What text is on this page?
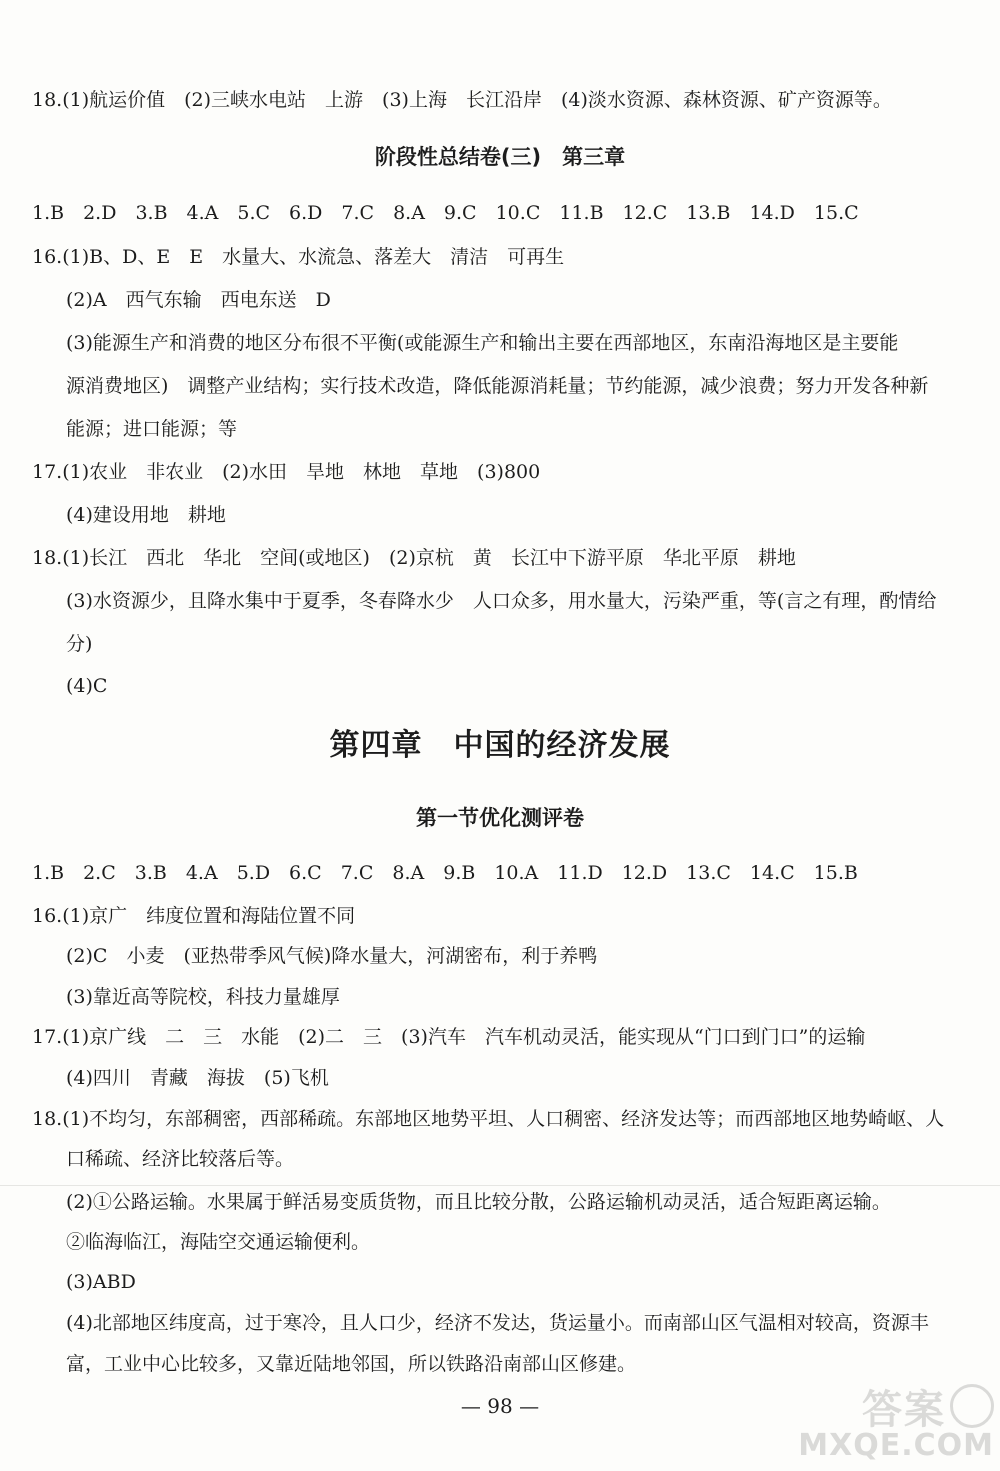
18.(1)航运价值　(2)三峡水电站　上游　(3)上海　长江沿岸　(4)淡水资源、森林资源、矿产资源等。
阶段性总结卷(三)　第三章
1.B　2.D　3.B　4.A　5.C　6.D　7.C　8.A　9.C　10.C　11.B　12.C　13.B　14.D　15.C
16.(1)B、D、E　E　水量大、水流急、落差大　清洁　可再生
(2)A　西气东输　西电东送　D
(3)能源生产和消费的地区分布很不平衡(或能源生产和输出主要在西部地区，东南沿海地区是主要能
源消费地区)　调整产业结构；实行技术改造，降低能源消耗量；节约能源，减少浪费；努力开发各种新
能源；进口能源；等
17.(1)农业　非农业　(2)水田　旱地　林地　草地　(3)800
(4)建设用地　耕地
18.(1)长江　西北　华北　空间(或地区)　(2)京杭　黄　长江中下游平原　华北平原　耕地
(3)水资源少，且降水集中于夏季，冬春降水少　人口众多，用水量大，污染严重，等(言之有理，酌情给
分)
(4)C
第四章　中国的经济发展
第一节优化测评卷
1.B　2.C　3.B　4.A　5.D　6.C　7.C　8.A　9.B　10.A　11.D　12.D　13.C　14.C　15.B
16.(1)京广　纬度位置和海陆位置不同
(2)C　小麦　(亚热带季风气候)降水量大，河湖密布，利于养鸭
(3)靠近高等院校，科技力量雄厚
17.(1)京广线　二　三　水能　(2)二　三　(3)汽车　汽车机动灵活，能实现从“门口到门口”的运输
(4)四川　青藏　海拔　(5)飞机
18.(1)不均匀，东部稠密，西部稀疏。东部地区地势平坦、人口稠密、经济发达等；而西部地区地势崎岖、人
口稀疏、经济比较落后等。
(2)①公路运输。水果属于鲜活易变质货物，而且比较分散，公路运输机动灵活，适合短距离运输。
②临海临江，海陆空交通运输便利。
(3)ABD
(4)北部地区纬度高，过于寒冷，且人口少，经济不发达，货运量小。而南部山区气温相对较高，资源丰
富，工业中心比较多，又靠近陆地邻国，所以铁路沿南部山区修建。
— 98 —	答案
MXQE.COM
